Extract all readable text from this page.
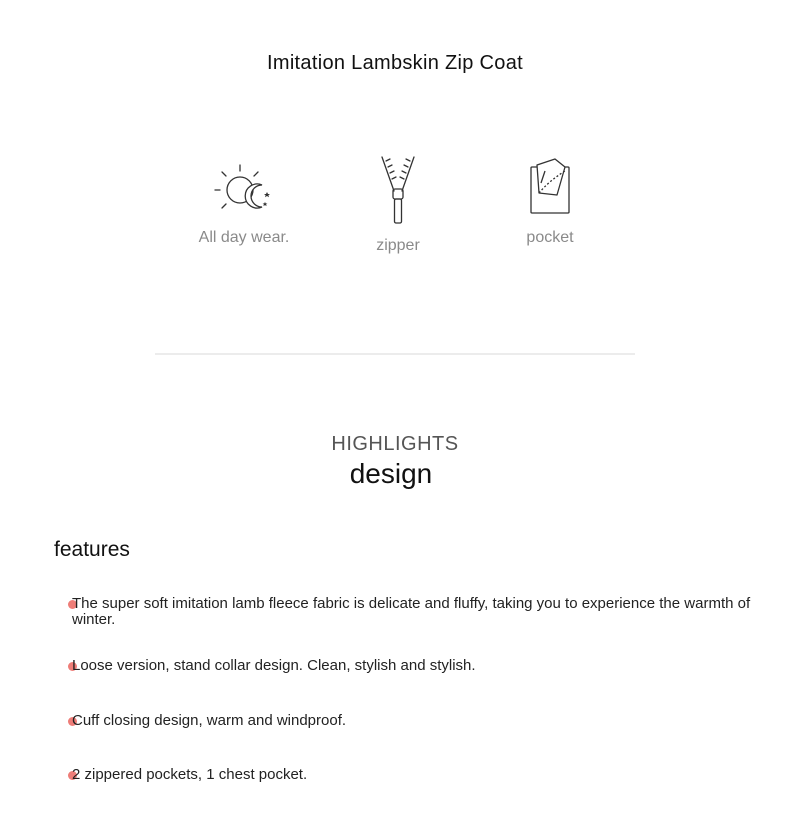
Imitation Lambskin Zip Coat
All day wear.	zipper	pocket
HIGHLIGHTS
design
features
The super soft imitation lamb fleece fabric is delicate and fluffy, taking you to experience the warmth of winter.
Loose version, stand collar design. Clean, stylish and stylish.
Cuff closing design, warm and windproof.
2 zippered pockets, 1 chest pocket.
